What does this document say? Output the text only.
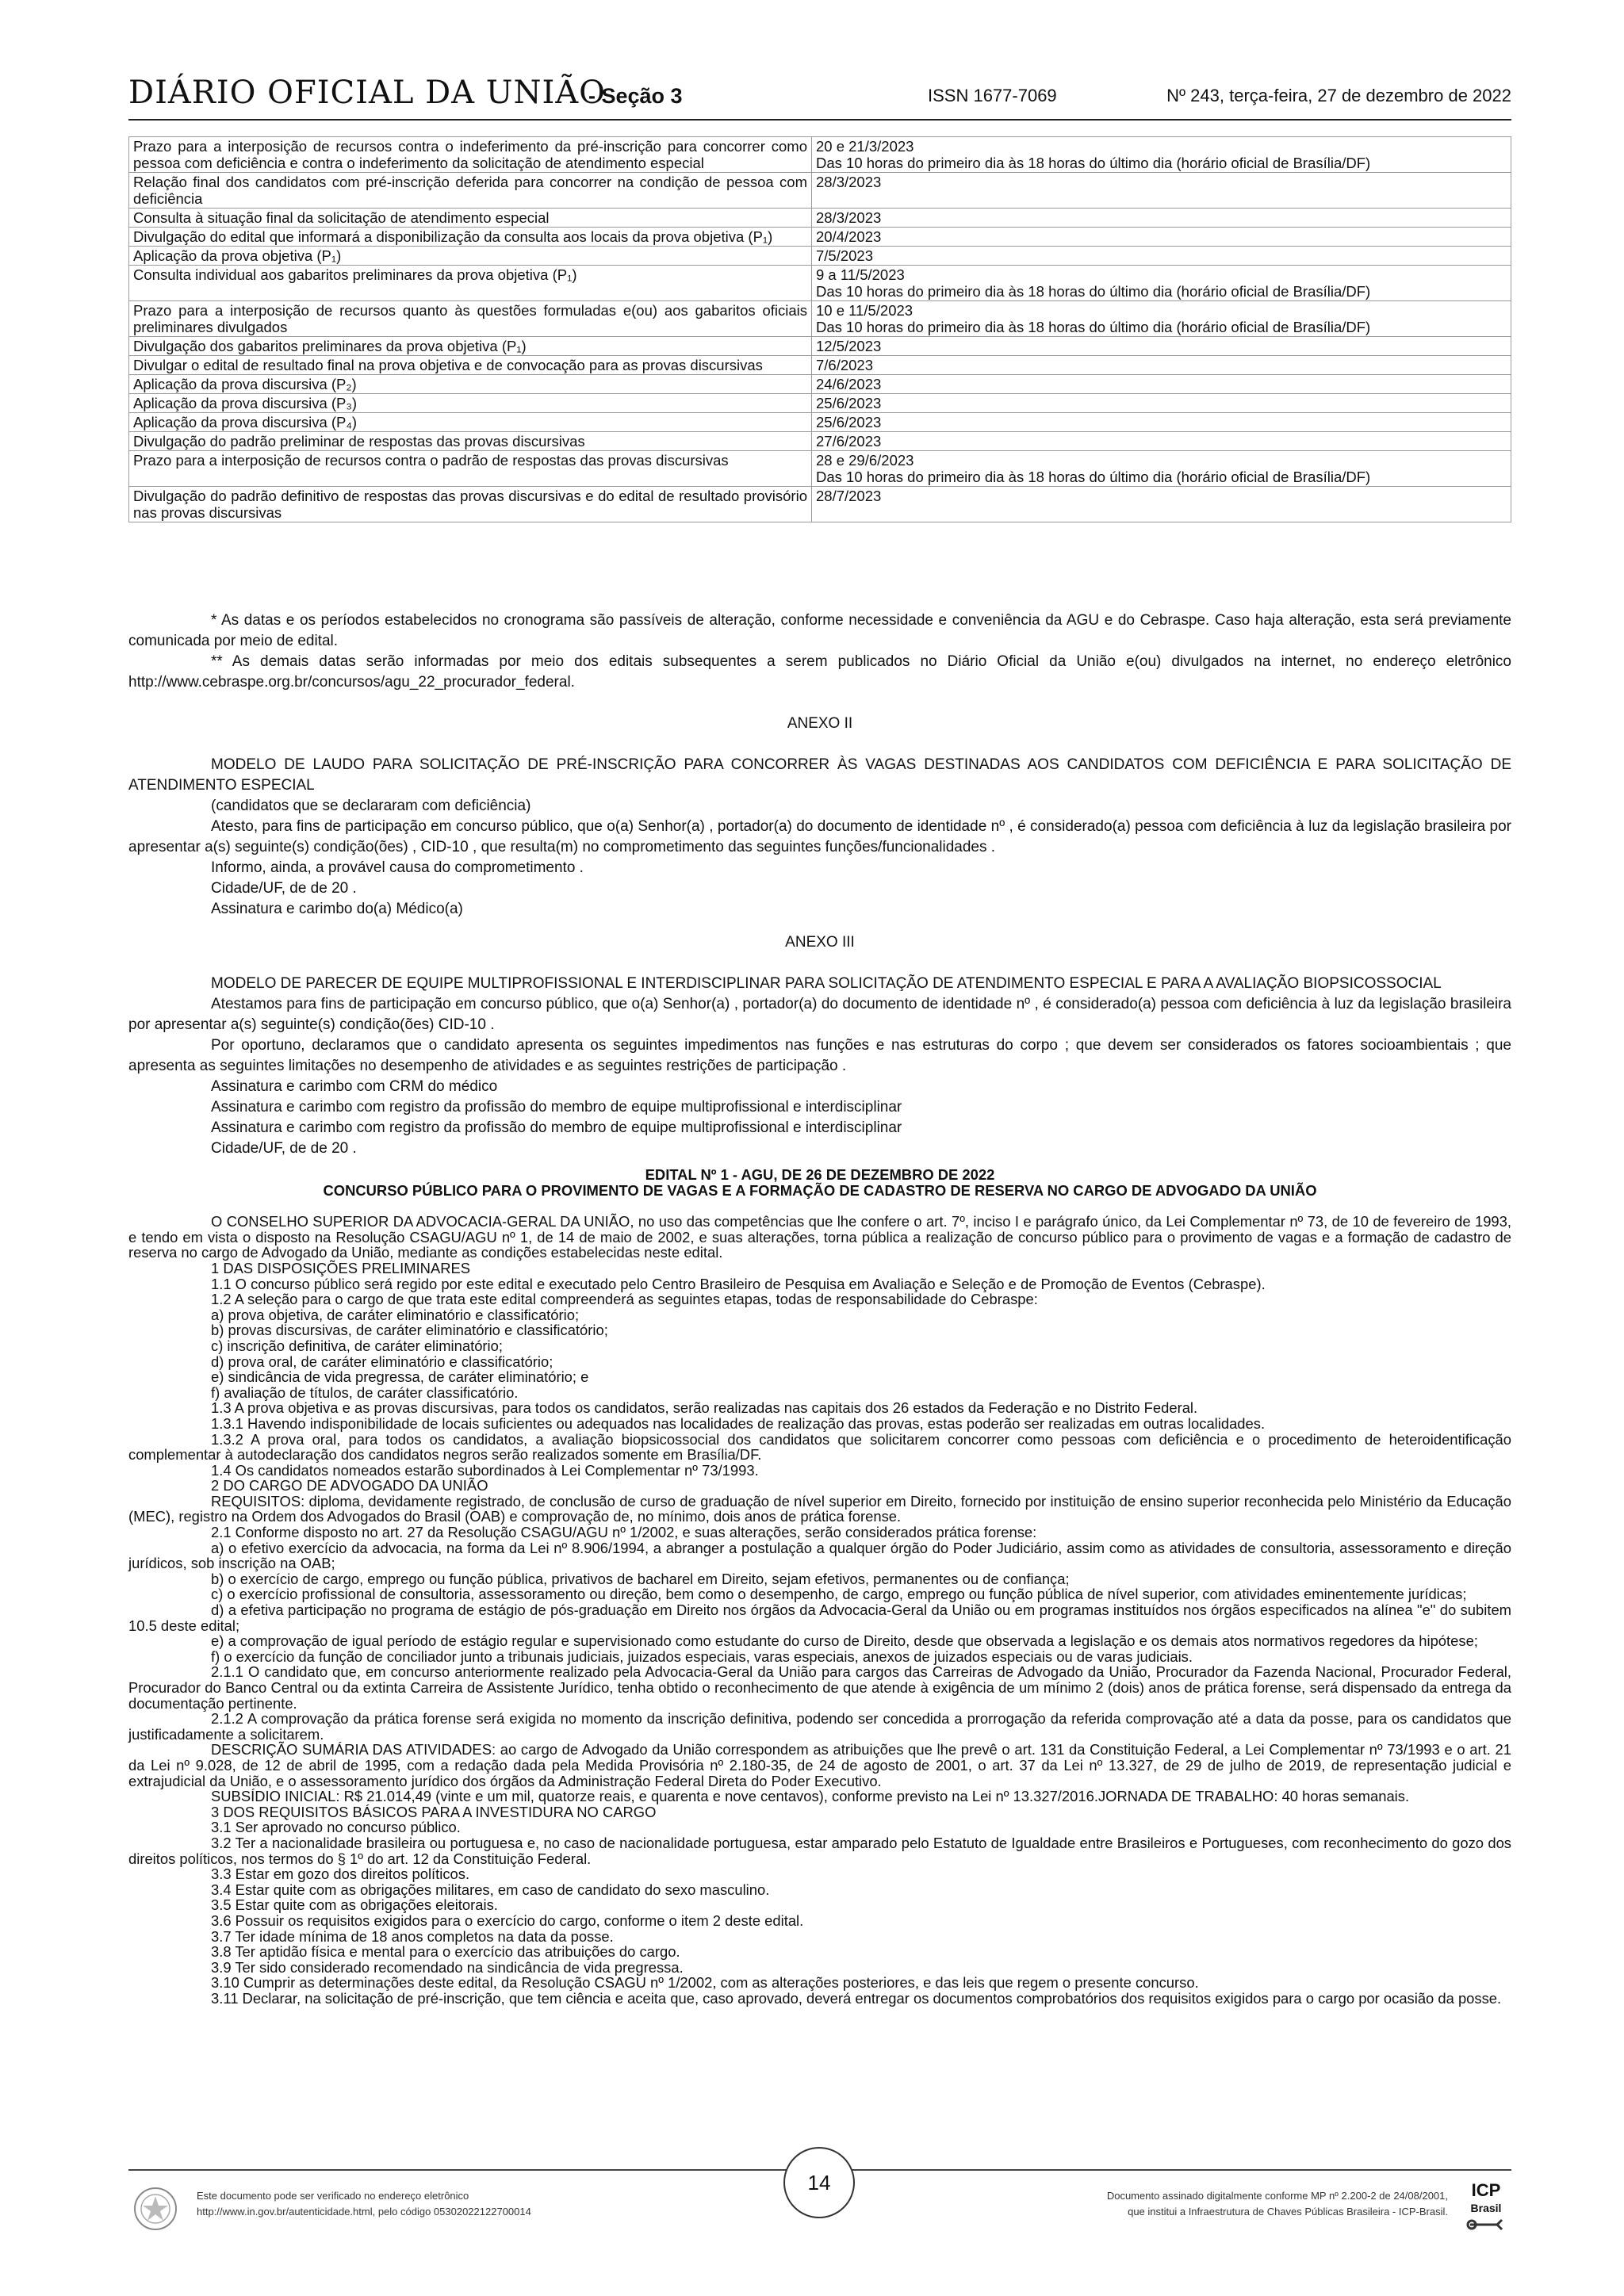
DIÁRIO OFICIAL DA UNIÃO
- Seção 3	ISSN 1677-7069	Nº 243, terça-feira, 27 de dezembro de 2022
Prazo para a interposição de recursos contra o indeferimento da pré-inscrição para concorrer como pessoa com deficiência e contra o indeferimento da solicitação de atendimento especial	20 e 21/3/2023
Das 10 horas do primeiro dia às 18 horas do último dia (horário oficial de Brasília/DF)

Relação final dos candidatos com pré-inscrição deferida para concorrer na condição de pessoa com deficiência	28/3/2023
Consulta à situação final da solicitação de atendimento especial	28/3/2023
Divulgação do edital que informará a disponibilização da consulta aos locais da prova objetiva (P₁)	20/4/2023
Aplicação da prova objetiva (P₁)	7/5/2023
Consulta individual aos gabaritos preliminares da prova objetiva (P₁)	9 a 11/5/2023
Das 10 horas do primeiro dia às 18 horas do último dia (horário oficial de Brasília/DF)

Prazo para a interposição de recursos quanto às questões formuladas e(ou) aos gabaritos oficiais preliminares divulgados	10 e 11/5/2023
Das 10 horas do primeiro dia às 18 horas do último dia (horário oficial de Brasília/DF)

Divulgação dos gabaritos preliminares da prova objetiva (P₁)	12/5/2023
Divulgar o edital de resultado final na prova objetiva e de convocação para as provas discursivas	7/6/2023
Aplicação da prova discursiva (P₂)	24/6/2023
Aplicação da prova discursiva (P₃)	25/6/2023
Aplicação da prova discursiva (P₄)	25/6/2023
Divulgação do padrão preliminar de respostas das provas discursivas	27/6/2023
Prazo para a interposição de recursos contra o padrão de respostas das provas discursivas	28 e 29/6/2023
Das 10 horas do primeiro dia às 18 horas do último dia (horário oficial de Brasília/DF)

Divulgação do padrão definitivo de respostas das provas discursivas e do edital de resultado provisório nas provas discursivas	28/7/2023

* As datas e os períodos estabelecidos no cronograma são passíveis de alteração, conforme necessidade e conveniência da AGU e do Cebraspe. Caso haja alteração, esta será previamente comunicada por meio de edital.

** As demais datas serão informadas por meio dos editais subsequentes a serem publicados no Diário Oficial da União e(ou) divulgados na internet, no endereço eletrônico http://www.cebraspe.org.br/concursos/agu_22_procurador_federal.

ANEXO II

MODELO DE LAUDO PARA SOLICITAÇÃO DE PRÉ-INSCRIÇÃO PARA CONCORRER ÀS VAGAS DESTINADAS AOS CANDIDATOS COM DEFICIÊNCIA E PARA SOLICITAÇÃO DE ATENDIMENTO ESPECIAL

(candidatos que se declararam com deficiência)

Atesto, para fins de participação em concurso público, que o(a) Senhor(a) , portador(a) do documento de identidade nº , é considerado(a) pessoa com deficiência à luz da legislação brasileira por apresentar a(s) seguinte(s) condição(ões) , CID-10 , que resulta(m) no comprometimento das seguintes funções/funcionalidades .

Informo, ainda, a provável causa do comprometimento .

Cidade/UF, de de 20 .

Assinatura e carimbo do(a) Médico(a)

ANEXO III

MODELO DE PARECER DE EQUIPE MULTIPROFISSIONAL E INTERDISCIPLINAR PARA SOLICITAÇÃO DE ATENDIMENTO ESPECIAL E PARA A AVALIAÇÃO BIOPSICOSSOCIAL

Atestamos para fins de participação em concurso público, que o(a) Senhor(a) , portador(a) do documento de identidade nº , é considerado(a) pessoa com deficiência à luz da legislação brasileira por apresentar a(s) seguinte(s) condição(ões) CID-10 .

Por oportuno, declaramos que o candidato apresenta os seguintes impedimentos nas funções e nas estruturas do corpo ; que devem ser considerados os fatores socioambientais ; que apresenta as seguintes limitações no desempenho de atividades e as seguintes restrições de participação .

Assinatura e carimbo com CRM do médico

Assinatura e carimbo com registro da profissão do membro de equipe multiprofissional e interdisciplinar

Assinatura e carimbo com registro da profissão do membro de equipe multiprofissional e interdisciplinar

Cidade/UF, de de 20 .

EDITAL Nº 1 - AGU, DE 26 DE DEZEMBRO DE 2022

CONCURSO PÚBLICO PARA O PROVIMENTO DE VAGAS E A FORMAÇÃO DE CADASTRO DE RESERVA NO CARGO DE ADVOGADO DA UNIÃO

O CONSELHO SUPERIOR DA ADVOCACIA-GERAL DA UNIÃO, no uso das competências que lhe confere o art. 7º, inciso I e parágrafo único, da Lei Complementar nº 73, de 10 de fevereiro de 1993, e tendo em vista o disposto na Resolução CSAGU/AGU nº 1, de 14 de maio de 2002, e suas alterações, torna pública a realização de concurso público para o provimento de vagas e a formação de cadastro de reserva no cargo de Advogado da União, mediante as condições estabelecidas neste edital.

1 DAS DISPOSIÇÕES PRELIMINARES

1.1 O concurso público será regido por este edital e executado pelo Centro Brasileiro de Pesquisa em Avaliação e Seleção e de Promoção de Eventos (Cebraspe).

1.2 A seleção para o cargo de que trata este edital compreenderá as seguintes etapas, todas de responsabilidade do Cebraspe:

a) prova objetiva, de caráter eliminatório e classificatório;

b) provas discursivas, de caráter eliminatório e classificatório;

c) inscrição definitiva, de caráter eliminatório;

d) prova oral, de caráter eliminatório e classificatório;

e) sindicância de vida pregressa, de caráter eliminatório; e

f) avaliação de títulos, de caráter classificatório.

1.3 A prova objetiva e as provas discursivas, para todos os candidatos, serão realizadas nas capitais dos 26 estados da Federação e no Distrito Federal.

1.3.1 Havendo indisponibilidade de locais suficientes ou adequados nas localidades de realização das provas, estas poderão ser realizadas em outras localidades.

1.3.2 A prova oral, para todos os candidatos, a avaliação biopsicossocial dos candidatos que solicitarem concorrer como pessoas com deficiência e o procedimento de heteroidentificação complementar à autodeclaração dos candidatos negros serão realizados somente em Brasília/DF.

1.4 Os candidatos nomeados estarão subordinados à Lei Complementar nº 73/1993.

2 DO CARGO DE ADVOGADO DA UNIÃO

REQUISITOS: diploma, devidamente registrado, de conclusão de curso de graduação de nível superior em Direito, fornecido por instituição de ensino superior reconhecida pelo Ministério da Educação (MEC), registro na Ordem dos Advogados do Brasil (OAB) e comprovação de, no mínimo, dois anos de prática forense.

2.1 Conforme disposto no art. 27 da Resolução CSAGU/AGU nº 1/2002, e suas alterações, serão considerados prática forense:

a) o efetivo exercício da advocacia, na forma da Lei nº 8.906/1994, a abranger a postulação a qualquer órgão do Poder Judiciário, assim como as atividades de consultoria, assessoramento e direção jurídicos, sob inscrição na OAB;

b) o exercício de cargo, emprego ou função pública, privativos de bacharel em Direito, sejam efetivos, permanentes ou de confiança;

c) o exercício profissional de consultoria, assessoramento ou direção, bem como o desempenho, de cargo, emprego ou função pública de nível superior, com atividades eminentemente jurídicas;

d) a efetiva participação no programa de estágio de pós-graduação em Direito nos órgãos da Advocacia-Geral da União ou em programas instituídos nos órgãos especificados na alínea "e" do subitem 10.5 deste edital;

e) a comprovação de igual período de estágio regular e supervisionado como estudante do curso de Direito, desde que observada a legislação e os demais atos normativos regedores da hipótese;

f) o exercício da função de conciliador junto a tribunais judiciais, juizados especiais, varas especiais, anexos de juizados especiais ou de varas judiciais.

2.1.1 O candidato que, em concurso anteriormente realizado pela Advocacia-Geral da União para cargos das Carreiras de Advogado da União, Procurador da Fazenda Nacional, Procurador Federal, Procurador do Banco Central ou da extinta Carreira de Assistente Jurídico, tenha obtido o reconhecimento de que atende à exigência de um mínimo 2 (dois) anos de prática forense, será dispensado da entrega da documentação pertinente.

2.1.2 A comprovação da prática forense será exigida no momento da inscrição definitiva, podendo ser concedida a prorrogação da referida comprovação até a data da posse, para os candidatos que justificadamente a solicitarem.

DESCRIÇÃO SUMÁRIA DAS ATIVIDADES: ao cargo de Advogado da União correspondem as atribuições que lhe prevê o art. 131 da Constituição Federal, a Lei Complementar nº 73/1993 e o art. 21 da Lei nº 9.028, de 12 de abril de 1995, com a redação dada pela Medida Provisória nº 2.180-35, de 24 de agosto de 2001, o art. 37 da Lei nº 13.327, de 29 de julho de 2019, de representação judicial e extrajudicial da União, e o assessoramento jurídico dos órgãos da Administração Federal Direta do Poder Executivo.

SUBSÍDIO INICIAL: R$ 21.014,49 (vinte e um mil, quatorze reais, e quarenta e nove centavos), conforme previsto na Lei nº 13.327/2016.JORNADA DE TRABALHO: 40 horas semanais.

3 DOS REQUISITOS BÁSICOS PARA A INVESTIDURA NO CARGO

3.1 Ser aprovado no concurso público.

3.2 Ter a nacionalidade brasileira ou portuguesa e, no caso de nacionalidade portuguesa, estar amparado pelo Estatuto de Igualdade entre Brasileiros e Portugueses, com reconhecimento do gozo dos direitos políticos, nos termos do § 1º do art. 12 da Constituição Federal.

3.3 Estar em gozo dos direitos políticos.

3.4 Estar quite com as obrigações militares, em caso de candidato do sexo masculino.

3.5 Estar quite com as obrigações eleitorais.

3.6 Possuir os requisitos exigidos para o exercício do cargo, conforme o item 2 deste edital.

3.7 Ter idade mínima de 18 anos completos na data da posse.

3.8 Ter aptidão física e mental para o exercício das atribuições do cargo.

3.9 Ter sido considerado recomendado na sindicância de vida pregressa.

3.10 Cumprir as determinações deste edital, da Resolução CSAGU nº 1/2002, com as alterações posteriores, e das leis que regem o presente concurso.

3.11 Declarar, na solicitação de pré-inscrição, que tem ciência e aceita que, caso aprovado, deverá entregar os documentos comprobatórios dos requisitos exigidos para o cargo por ocasião da posse.

Este documento pode ser verificado no endereço eletrônico
http://www.in.gov.br/autenticidade.html, pelo código 05302022122700014
14
Documento assinado digitalmente conforme MP nº 2.200-2 de 24/08/2001,
que institui a Infraestrutura de Chaves Públicas Brasileira - ICP-Brasil.
ICP
Brasil
